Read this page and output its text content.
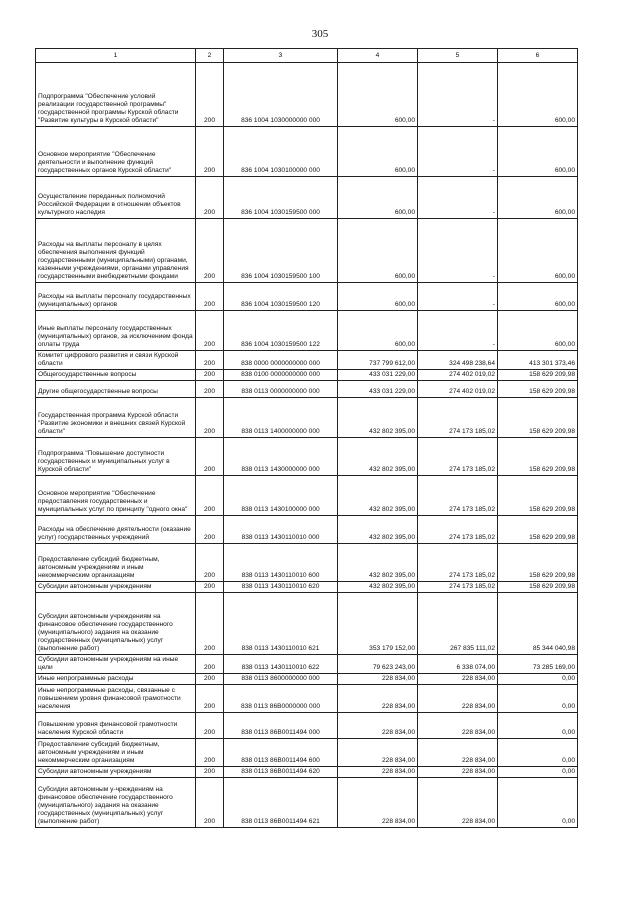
305
1	2	3	4	5	6
Подпрограмма "Обеспечение условий реализации государственной программы" государственной программы Курской области "Развитие культуры в Курской области"	200	836 1004 1030000000 000	600,00	-	600,00
Основное мероприятие "Обеспечение деятельности и выполнение функций государственных органов Курской области"	200	836 1004 1030100000 000	600,00	-	600,00
Осуществление переданных полномочий Российской Федерации в отношении объектов культурного наследия	200	836 1004 1030159500 000	600,00	-	600,00
Расходы на выплаты персоналу в целях обеспечения выполнения функций государственными (муниципальными) органами, казенными учреждениями, органами управления государственными внебюджетными фондами	200	836 1004 1030159500 100	600,00	-	600,00
Расходы на выплаты персоналу государственных (муниципальных) органов	200	836 1004 1030159500 120	600,00	-	600,00
Иные выплаты персоналу государственных (муниципальных) органов, за исключением фонда оплаты труда	200	836 1004 1030159500 122	600,00	-	600,00
Комитет цифрового развития и связи Курской области	200	838 0000 0000000000 000	737 799 612,00	324 498 238,64	413 301 373,46
Общегосударственные вопросы	200	838 0100 0000000000 000	433 031 229,00	274 402 019,02	158 629 209,98
Другие общегосударственные вопросы	200	838 0113 0000000000 000	433 031 229,00	274 402 019,02	158 629 209,98
Государственная программа Курской области "Развитие экономики и внешних связей Курской области"	200	838 0113 1400000000 000	432 802 395,00	274 173 185,02	158 629 209,98
Подпрограмма "Повышение доступности государственных и муниципальных услуг в Курской области"	200	838 0113 1430000000 000	432 802 395,00	274 173 185,02	158 629 209,98
Основное мероприятие "Обеспечение предоставления государственных и муниципальных услуг по принципу "одного окна"	200	838 0113 1430100000 000	432 802 395,00	274 173 185,02	158 629 209,98
Расходы на обеспечение деятельности (оказание услуг) государственных учреждений	200	838 0113 1430110010 000	432 802 395,00	274 173 185,02	158 629 209,98
Предоставление субсидий бюджетным, автономным учреждениям и иным некоммерческим организациям	200	838 0113 1430110010 600	432 802 395,00	274 173 185,02	158 629 209,98
Субсидии автономным учреждениям	200	838 0113 1430110010 620	432 802 395,00	274 173 185,02	158 629 209,98
Субсидии автономным учреждениям на финансовое обеспечение государственного (муниципального) задания на оказание государственных (муниципальных) услуг (выполнение работ)	200	838 0113 1430110010 621	353 179 152,00	267 835 111,02	85 344 040,98
Субсидии автономным учреждениям на иные цели	200	838 0113 1430110010 622	79 623 243,00	6 338 074,00	73 285 169,00
Иные непрограммные расходы	200	838 0113 8600000000 000	228 834,00	228 834,00	0,00
Иные непрограммные расходы, связанные с повышением уровня финансовой грамотности населения	200	838 0113 86B0000000 000	228 834,00	228 834,00	0,00
Повышение уровня финансовой грамотности населения Курской области	200	838 0113 86B0011494 000	228 834,00	228 834,00	0,00
Предоставление субсидий бюджетным, автономным учреждениям и иным некоммерческим организациям	200	838 0113 86B0011494 600	228 834,00	228 834,00	0,00
Субсидии автономным учреждениям	200	838 0113 86B0011494 620	228 834,00	228 834,00	0,00
Субсидии автономным у-чреждениям на финансовое обеспечение государственного (муниципального) задания на оказание государственных (муниципальных) услуг (выполнение работ)	200	838 0113 86B0011494 621	228 834,00	228 834,00	0,00
